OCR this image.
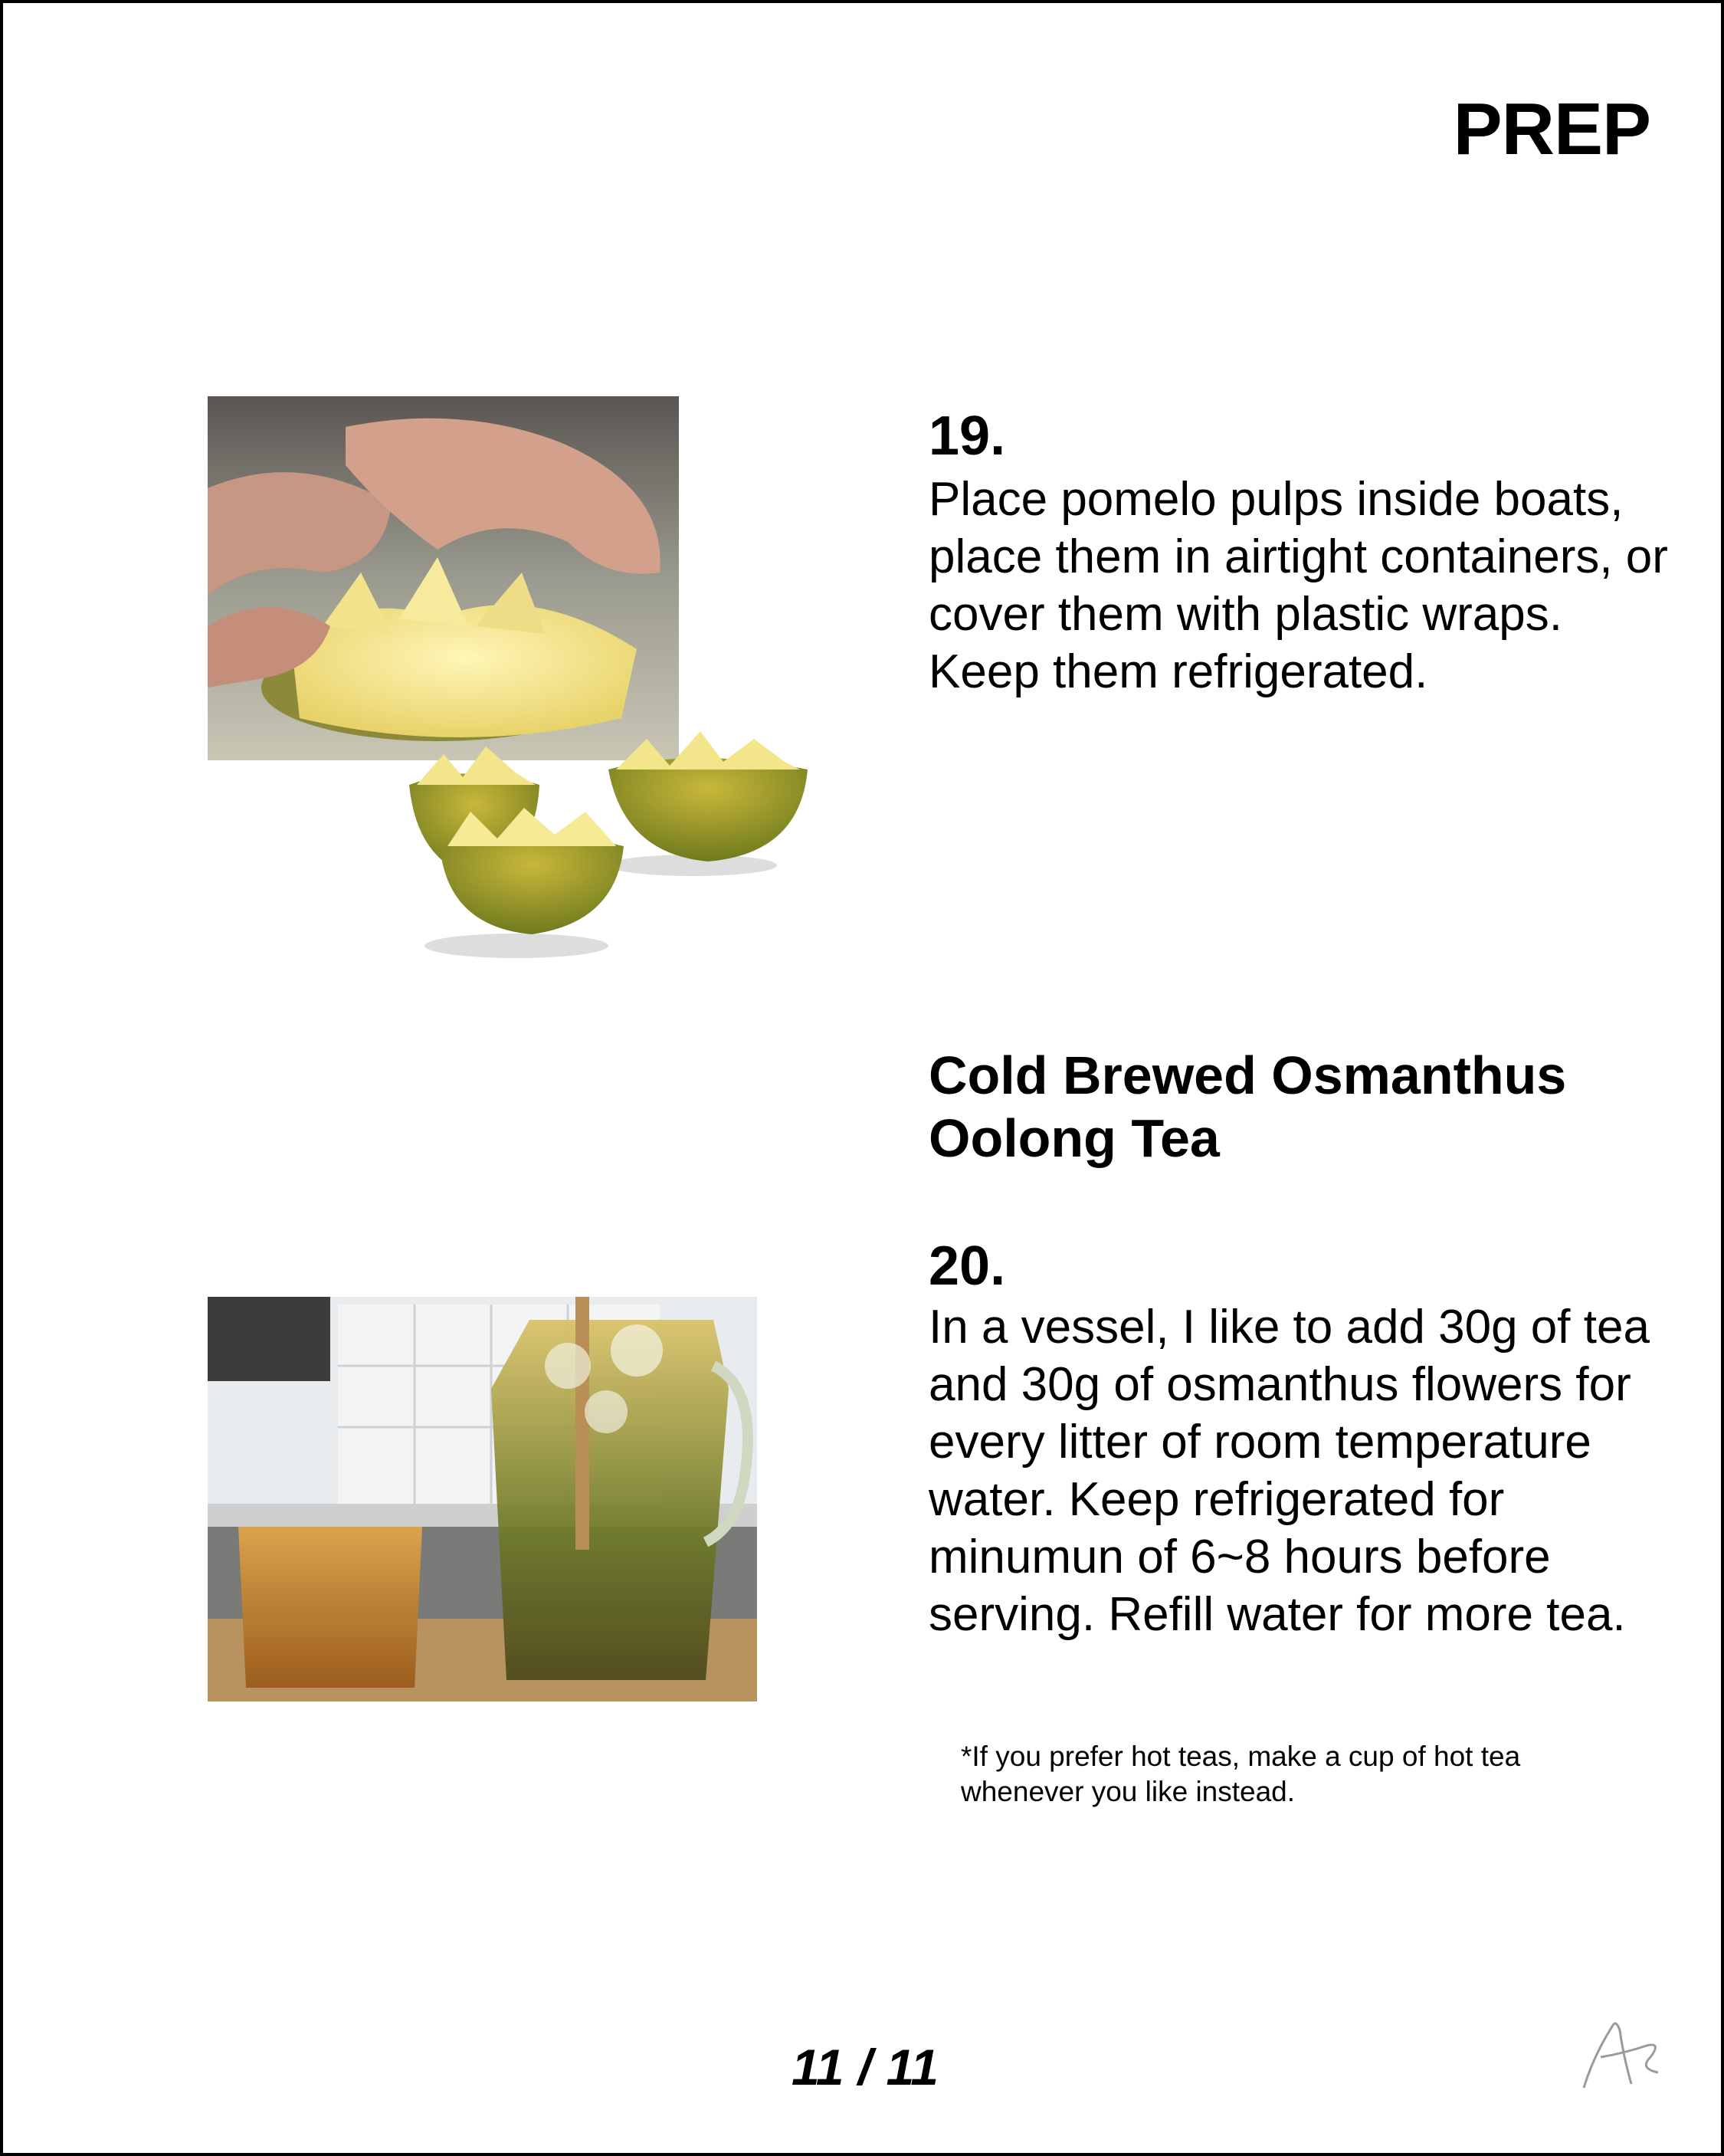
PREP
19.
Place pomelo pulps inside boats, place them in airtight containers, or cover them with plastic wraps. Keep them refrigerated.
Cold Brewed Osmanthus Oolong Tea
20.
In a vessel, I like to add 30g of tea and 30g of osmanthus flowers for every litter of room temperature water. Keep refrigerated for minumun of 6~8 hours before serving. Refill water for more tea.
*If you prefer hot teas, make a cup of hot tea whenever you like instead.
11 / 11
